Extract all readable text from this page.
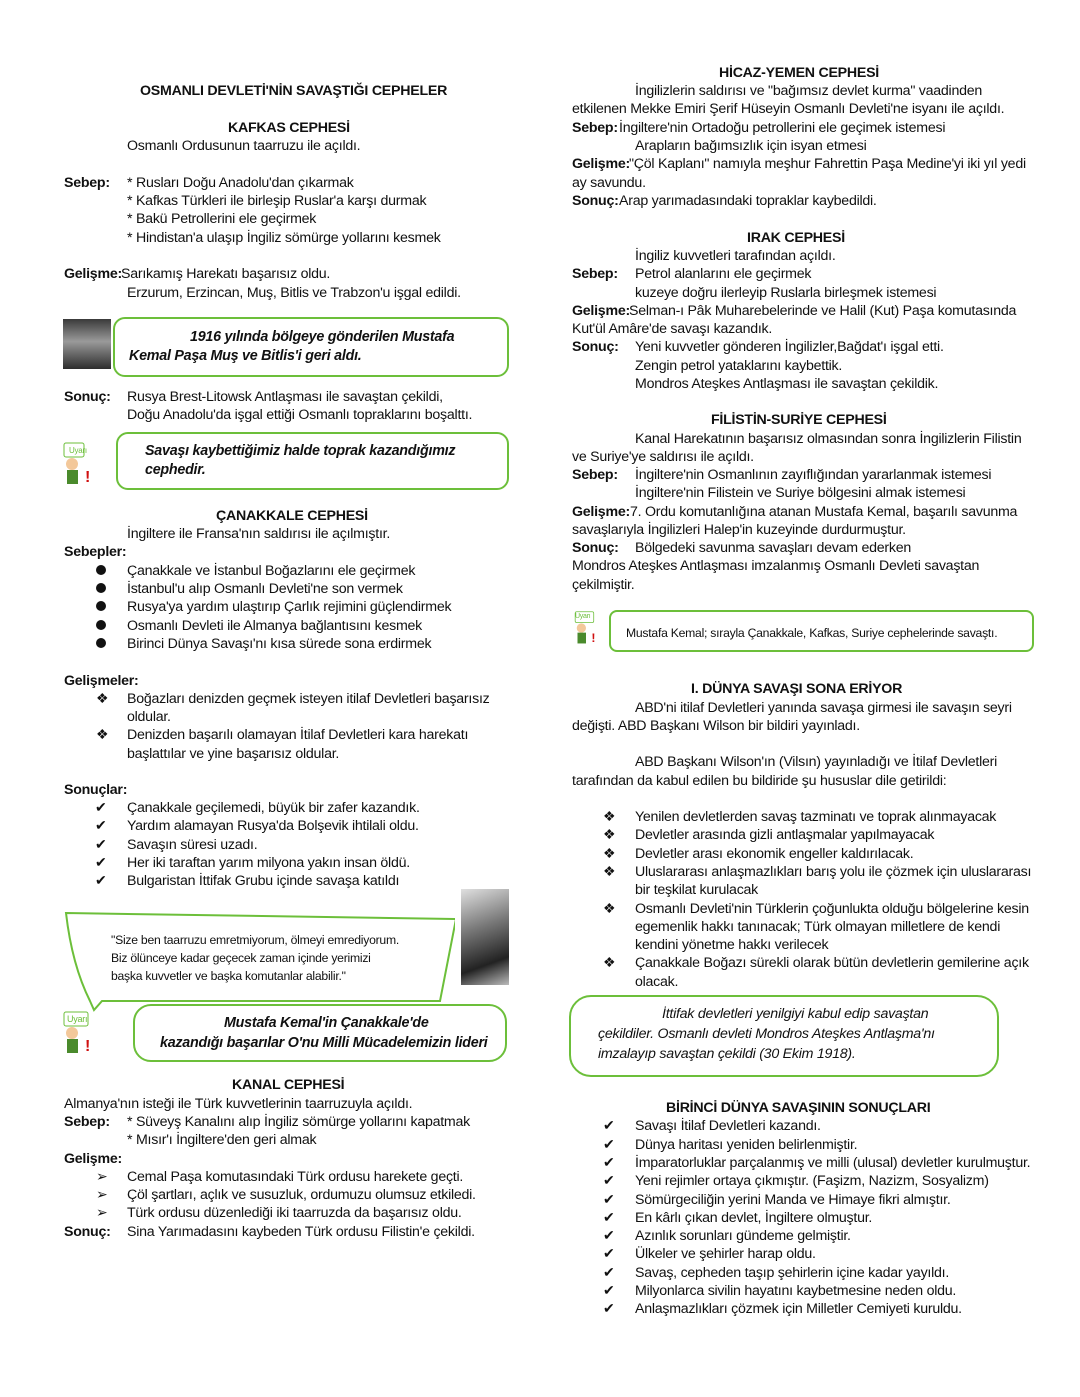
OSMANLI DEVLETİ'NİN SAVAŞTIĞI CEPHELER
KAFKAS CEPHESİ
Osmanlı Ordusunun taarruzu ile açıldı.
Sebep: * Rusları Doğu Anadolu'dan çıkarmak
* Kafkas Türkleri ile birleşip Ruslar'a karşı durmak
* Bakü Petrollerini ele geçirmek
* Hindistan'a ulaşıp İngiliz sömürge yollarını kesmek
Gelişme: Sarıkamış Harekatı başarısız oldu.
Erzurum, Erzincan, Muş, Bitlis ve Trabzon'u işgal edildi.
1916 yılında bölgeye gönderilen Mustafa
Kemal Paşa Muş ve Bitlis'i geri aldı.
Sonuç: Rusya Brest-Litowsk Antlaşması ile savaştan çekildi,
Doğu Anadolu'da işgal ettiği Osmanlı topraklarını boşalttı.
!
Uyarı	Savaşı kaybettiğimiz halde toprak kazandığımız
cephedir.
ÇANAKKALE CEPHESİ
İngiltere ile Fransa'nın saldırısı ile açılmıştır.
Sebepler:
Çanakkale ve İstanbul Boğazlarını ele geçirmek
İstanbul'u alıp Osmanlı Devleti'ne son vermek
Rusya'ya yardım ulaştırıp Çarlık rejimini güçlendirmek
Osmanlı Devleti ile Almanya bağlantısını kesmek
Birinci Dünya Savaşı'nı kısa sürede sona erdirmek
Gelişmeler:
❖ Boğazları denizden geçmek isteyen itilaf Devletleri başarısız
oldular.
❖ Denizden başarılı olamayan İtilaf Devletleri kara harekatı
başlattılar ve yine başarısız oldular.
Sonuçlar:
✔ Çanakkale geçilemedi, büyük bir zafer kazandık.
✔ Yardım alamayan Rusya'da Bolşevik ihtilali oldu.
✔ Savaşın süresi uzadı.
✔ Her iki taraftan yarım milyona yakın insan öldü.
✔ Bulgaristan İttifak Grubu içinde savaşa katıldı
"Size ben taarruzu emretmiyorum, ölmeyi emrediyorum.
Biz ölünceye kadar geçecek zaman içinde yerimizi
başka kuvvetler ve başka komutanlar alabilir."
!
Uyarı	Mustafa Kemal'in Çanakkale'de
kazandığı başarılar O'nu Milli Mücadelemizin lideri
KANAL CEPHESİ
Almanya'nın isteği ile Türk kuvvetlerinin taarruzuyla açıldı.
Sebep: * Süveyş Kanalını alıp İngiliz sömürge yollarını kapatmak
* Mısır'ı İngiltere'den geri almak
Gelişme:
➢ Cemal Paşa komutasındaki Türk ordusu harekete geçti.
➢ Çöl şartları, açlık ve susuzluk, ordumuzu olumsuz etkiledi.
➢ Türk ordusu düzenlediği iki taarruzda da başarısız oldu.
Sonuç: Sina Yarımadasını kaybeden Türk ordusu Filistin'e çekildi.
HİCAZ-YEMEN CEPHESİ
İngilizlerin saldırısı ve "bağımsız devlet kurma" vaadinden
etkilenen Mekke Emiri Şerif Hüseyin Osmanlı Devleti'ne isyanı ile açıldı.
Sebep: İngiltere'nin Ortadoğu petrollerini ele geçimek istemesi
Arapların bağımsızlık için isyan etmesi
Gelişme: "Çöl Kaplanı" namıyla meşhur Fahrettin Paşa Medine'yi iki yıl yedi
ay savundu.
Sonuç: Arap yarımadasındaki topraklar kaybedildi.
IRAK CEPHESİ
İngiliz kuvvetleri tarafından açıldı.
Sebep: Petrol alanlarını ele geçirmek
kuzeye doğru ilerleyip Ruslarla birleşmek istemesi
Gelişme: Selman-ı Pâk Muharebelerinde ve Halil (Kut) Paşa komutasında
Kut'ül Amâre'de savaşı kazandık.
Sonuç: Yeni kuvvetler gönderen İngilizler,Bağdat'ı işgal etti.
Zengin petrol yataklarını kaybettik.
Mondros Ateşkes Antlaşması ile savaştan çekildik.
FİLİSTİN-SURİYE CEPHESİ
Kanal Harekatının başarısız olmasından sonra İngilizlerin Filistin
ve Suriye'ye saldırısı ile açıldı.
Sebep: İngiltere'nin Osmanlının zayıflığından yararlanmak istemesi
İngiltere'nin Filistein ve Suriye bölgesini almak istemesi
Gelişme: 7. Ordu komutanlığına atanan Mustafa Kemal, başarılı savunma
savaşlarıyla İngilizleri Halep'in kuzeyinde durdurmuştur.
Sonuç: Bölgedeki savunma savaşları devam ederken
Mondros Ateşkes Antlaşması imzalanmış Osmanlı Devleti savaştan
çekilmiştir.
!
Uyarı
Mustafa Kemal; sırayla Çanakkale, Kafkas, Suriye cephelerinde savaştı.
I. DÜNYA SAVAŞI SONA ERİYOR
ABD'ni itilaf Devletleri yanında savaşa girmesi ile savaşın seyri
değişti. ABD Başkanı Wilson bir bildiri yayınladı.
ABD Başkanı Wilson'ın (Vilsın) yayınladığı ve İtilaf Devletleri
tarafından da kabul edilen bu bildiride şu hususlar dile getirildi:
❖ Yenilen devletlerden savaş tazminatı ve toprak alınmayacak
❖ Devletler arasında gizli antlaşmalar yapılmayacak
❖ Devletler arası ekonomik engeller kaldırılacak.
❖ Uluslararası anlaşmazlıkları barış yolu ile çözmek için uluslararası
bir teşkilat kurulacak
❖ Osmanlı Devleti'nin Türklerin çoğunlukta olduğu bölgelerine kesin
egemenlik hakkı tanınacak; Türk olmayan milletlere de kendi
kendini yönetme hakkı verilecek
❖ Çanakkale Boğazı sürekli olarak bütün devletlerin gemilerine açık
olacak.
İttifak devletleri yenilgiyi kabul edip savaştan
çekildiler. Osmanlı devleti Mondros Ateşkes Antlaşma'nı
imzalayıp savaştan çekildi (30 Ekim 1918).
BİRİNCİ DÜNYA SAVAŞININ SONUÇLARI
✔ Savaşı İtilaf Devletleri kazandı.
✔ Dünya haritası yeniden belirlenmiştir.
✔ İmparatorluklar parçalanmış ve milli (ulusal) devletler kurulmuştur.
✔ Yeni rejimler ortaya çıkmıştır. (Faşizm, Nazizm, Sosyalizm)
✔ Sömürgeciliğin yerini Manda ve Himaye fikri almıştır.
✔ En kârlı çıkan devlet, İngiltere olmuştur.
✔ Azınlık sorunları gündeme gelmiştir.
✔ Ülkeler ve şehirler harap oldu.
✔ Savaş, cepheden taşıp şehirlerin içine kadar yayıldı.
✔ Milyonlarca sivilin hayatını kaybetmesine neden oldu.
✔ Anlaşmazlıkları çözmek için Milletler Cemiyeti kuruldu.
